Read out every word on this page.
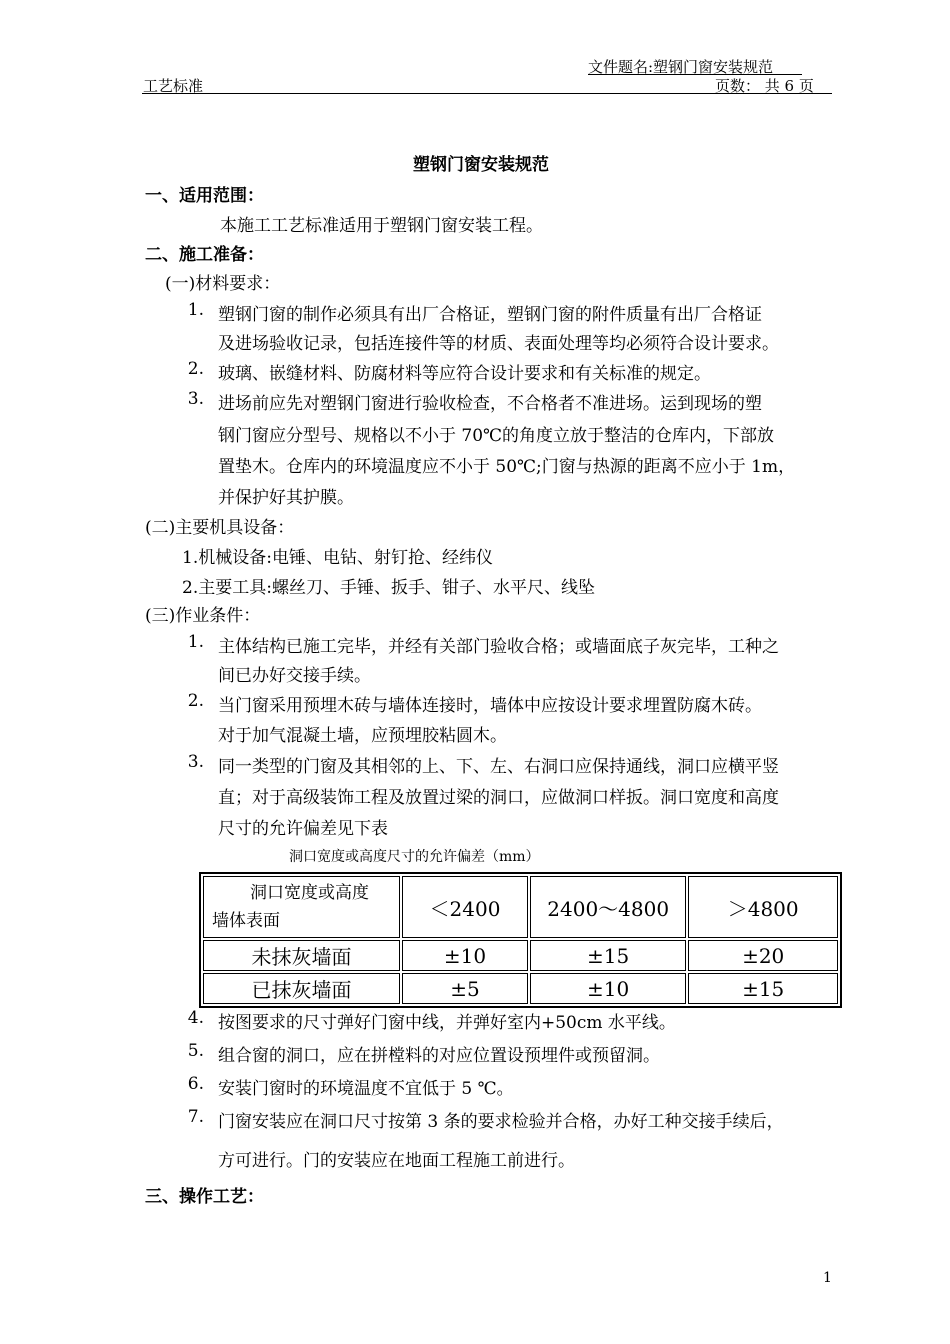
文件题名:塑钢门窗安装规范
工艺标准	页数： 共 6 页
塑钢门窗安装规范
一、适用范围：
本施工工艺标准适用于塑钢门窗安装工程。
二、施工准备：
(一)材料要求：
1. 塑钢门窗的制作必须具有出厂合格证，塑钢门窗的附件质量有出厂合格证
及进场验收记录，包括连接件等的材质、表面处理等均必须符合设计要求。
2. 玻璃、嵌缝材料、防腐材料等应符合设计要求和有关标准的规定。
3. 进场前应先对塑钢门窗进行验收检查，不合格者不准进场。运到现场的塑
钢门窗应分型号、规格以不小于 70℃的角度立放于整洁的仓库内，下部放
置垫木。仓库内的环境温度应不小于 50℃;门窗与热源的距离不应小于 1m，
并保护好其护膜。
(二)主要机具设备：
1.机械设备:电锤、电钻、射钉抢、经纬仪
2.主要工具:螺丝刀、手锤、扳手、钳子、水平尺、线坠
(三)作业条件：
1. 主体结构已施工完毕，并经有关部门验收合格；或墙面底子灰完毕，工种之
间已办好交接手续。
2. 当门窗采用预埋木砖与墙体连接时，墙体中应按设计要求埋置防腐木砖。
对于加气混凝土墙，应预埋胶粘圆木。
3. 同一类型的门窗及其相邻的上、下、左、右洞口应保持通线，洞口应横平竖
直；对于高级装饰工程及放置过梁的洞口，应做洞口样扳。洞口宽度和高度
尺寸的允许偏差见下表
洞口宽度或高度尺寸的允许偏差（mm）
洞口宽度或高度
墙体表面	＜2400	2400～4800	＞4800
未抹灰墙面	±10	±15	±20
已抹灰墙面	±5	±10	±15
4. 按图要求的尺寸弹好门窗中线，并弹好室内+50cm 水平线。
5. 组合窗的洞口，应在拼樘料的对应位置设预埋件或预留洞。
6. 安装门窗时的环境温度不宜低于 5 ℃。
7. 门窗安装应在洞口尺寸按第 3 条的要求检验并合格，办好工种交接手续后，
方可进行。门的安装应在地面工程施工前进行。
三、操作工艺：
1
